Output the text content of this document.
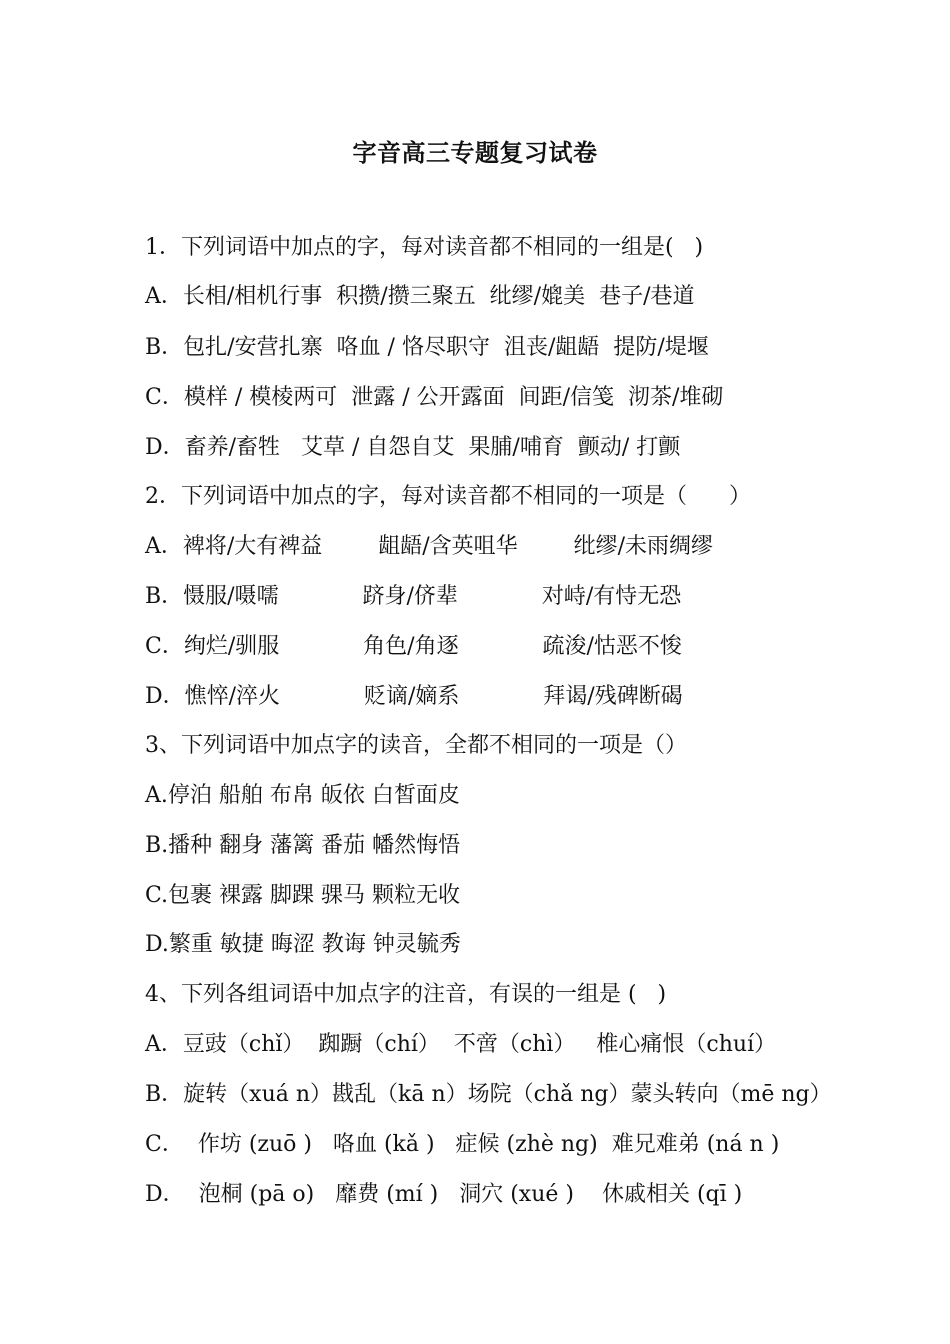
字音高三专题复习试卷
1．下列词语中加点的字，每对读音都不相同的一组是(   )
A．长相/相机行事  积攒/攒三聚五  纰缪/媲美  巷子/巷道
B．包扎/安营扎寨  咯血 / 恪尽职守  沮丧/龃龉  提防/堤堰
C．模样 / 模棱两可  泄露 / 公开露面  间距/信笺  沏茶/堆砌
D．畜养/畜牲   艾草 / 自怨自艾  果脯/哺育  颤动/ 打颤
2．下列词语中加点的字，每对读音都不相同的一项是（      ）
A．裨将/大有裨益        龃龉/含英咀华        纰缪/未雨绸缪
B．慑服/嗫嚅            跻身/侪辈            对峙/有恃无恐
C．绚烂/驯服            角色/角逐            疏浚/怙恶不悛
D．憔悴/淬火            贬谪/嫡系            拜谒/残碑断碣
3、下列词语中加点字的读音，全都不相同的一项是（）
A.停泊 船舶 布帛 皈依 白皙面皮
B.播种 翻身 藩篱 番茄 幡然悔悟
C.包裹 裸露 脚踝 骒马 颗粒无收
D.繁重 敏捷 晦涩 教诲 钟灵毓秀
4、下列各组词语中加点字的注音，有误的一组是 (   )
A．豆豉（chǐ）  踟蹰（chí）  不啻（chì）   椎心痛恨（chuí）
B．旋转（xuá n）戡乱（kā n）场院（chǎ ng）蒙头转向（mē ng）
C．  作坊 (zuō )   咯血 (kǎ )   症候 (zhè ng)  难兄难弟 (ná n )
D．  泡桐 (pā o)   靡费 (mí )   洞穴 (xué )    休戚相关 (qī )
